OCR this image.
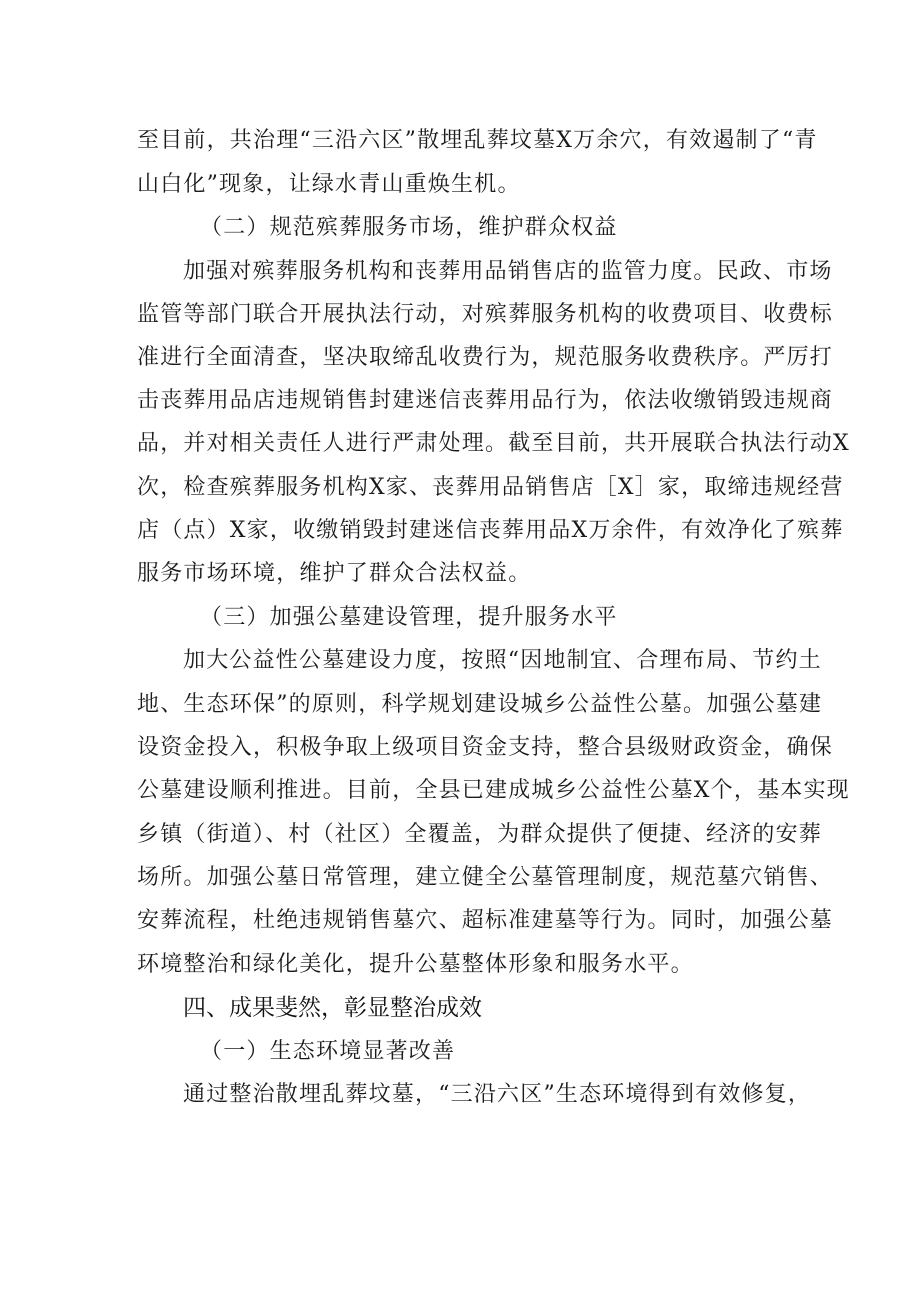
至目前，共治理“三沿六区”散埋乱葬坟墓X万余穴，有效遏制了“青
山白化”现象，让绿水青山重焕生机。
（二）规范殡葬服务市场，维护群众权益
加强对殡葬服务机构和丧葬用品销售店的监管力度。民政、市场
监管等部门联合开展执法行动，对殡葬服务机构的收费项目、收费标
准进行全面清查，坚决取缔乱收费行为，规范服务收费秩序。严厉打
击丧葬用品店违规销售封建迷信丧葬用品行为，依法收缴销毁违规商
品，并对相关责任人进行严肃处理。截至目前，共开展联合执法行动X
次，检查殡葬服务机构X家、丧葬用品销售店［X］家，取缔违规经营
店（点）X家，收缴销毁封建迷信丧葬用品X万余件，有效净化了殡葬
服务市场环境，维护了群众合法权益。
（三）加强公墓建设管理，提升服务水平
加大公益性公墓建设力度，按照“因地制宜、合理布局、节约土
地、生态环保”的原则，科学规划建设城乡公益性公墓。加强公墓建
设资金投入，积极争取上级项目资金支持，整合县级财政资金，确保
公墓建设顺利推进。目前，全县已建成城乡公益性公墓X个，基本实现
乡镇（街道）、村（社区）全覆盖，为群众提供了便捷、经济的安葬
场所。加强公墓日常管理，建立健全公墓管理制度，规范墓穴销售、
安葬流程，杜绝违规销售墓穴、超标准建墓等行为。同时，加强公墓
环境整治和绿化美化，提升公墓整体形象和服务水平。
四、成果斐然，彰显整治成效
（一）生态环境显著改善
通过整治散埋乱葬坟墓，“三沿六区”生态环境得到有效修复，
